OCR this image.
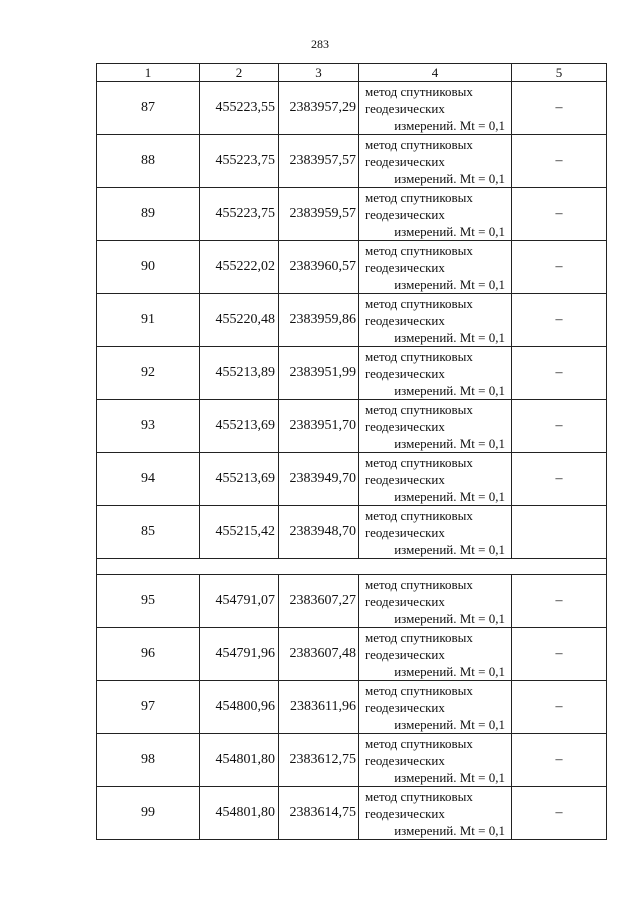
283
1	2	3	4	5
87	455223,55	2383957,29	метод спутниковых
геодезических
измерений. Mt = 0,1	–
88	455223,75	2383957,57	метод спутниковых
геодезических
измерений. Mt = 0,1	–
89	455223,75	2383959,57	метод спутниковых
геодезических
измерений. Mt = 0,1	–
90	455222,02	2383960,57	метод спутниковых
геодезических
измерений. Mt = 0,1	–
91	455220,48	2383959,86	метод спутниковых
геодезических
измерений. Mt = 0,1	–
92	455213,89	2383951,99	метод спутниковых
геодезических
измерений. Mt = 0,1	–
93	455213,69	2383951,70	метод спутниковых
геодезических
измерений. Mt = 0,1	–
94	455213,69	2383949,70	метод спутниковых
геодезических
измерений. Mt = 0,1	–
85	455215,42	2383948,70	метод спутниковых
геодезических
измерений. Mt = 0,1	

95	454791,07	2383607,27	метод спутниковых
геодезических
измерений. Mt = 0,1	–
96	454791,96	2383607,48	метод спутниковых
геодезических
измерений. Mt = 0,1	–
97	454800,96	2383611,96	метод спутниковых
геодезических
измерений. Mt = 0,1	–
98	454801,80	2383612,75	метод спутниковых
геодезических
измерений. Mt = 0,1	–
99	454801,80	2383614,75	метод спутниковых
геодезических
измерений. Mt = 0,1	–
